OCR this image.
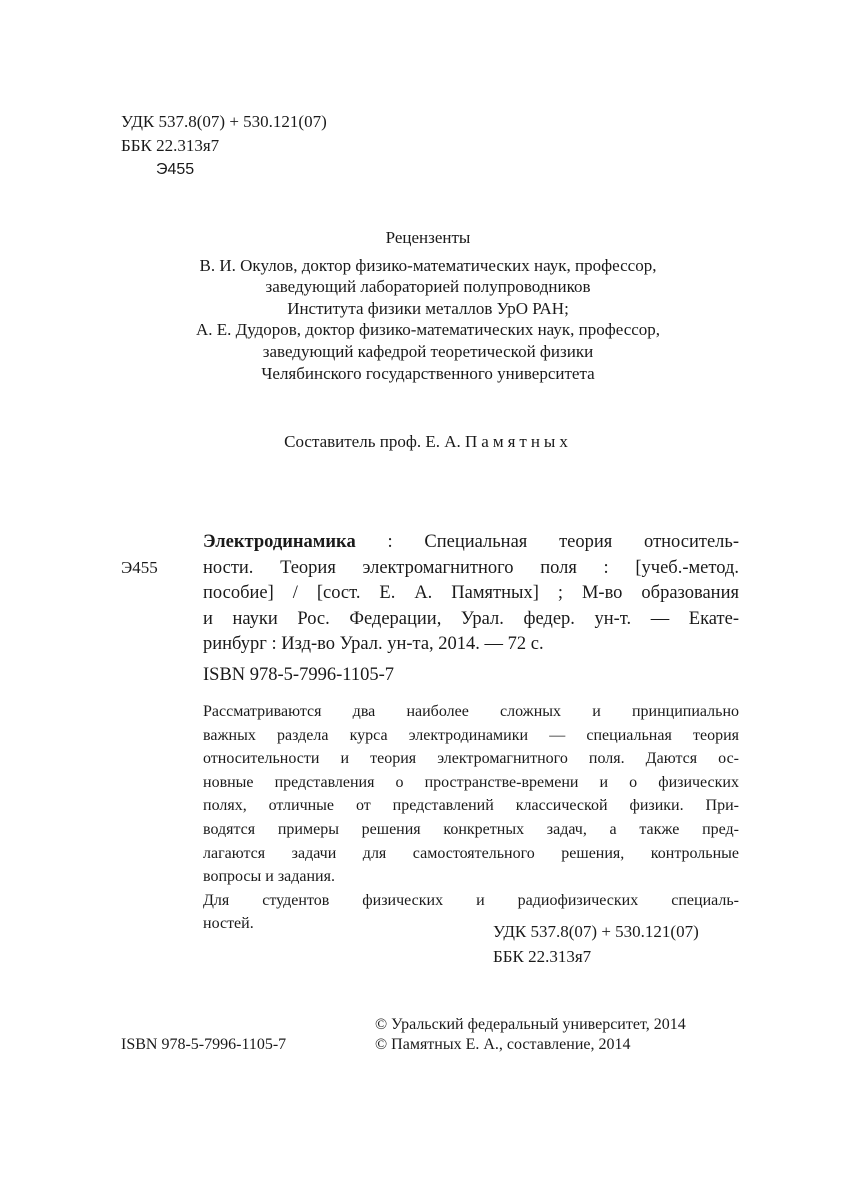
УДК 537.8(07) + 530.121(07)
ББК 22.313я7
Э455
Рецензенты
В. И. Окулов, доктор физико-математических наук, профессор,
заведующий лабораторией полупроводников
Института физики металлов УрО РАН;
А. Е. Дудоров, доктор физико-математических наук, профессор,
заведующий кафедрой теоретической физики
Челябинского государственного университета
Составитель проф. Е. А. Памятных
Э455
Электродинамика : Специальная теория относитель-
ности. Теория электромагнитного поля : [учеб.-метод.
пособие] / [сост. Е. А. Памятных] ; М-во образования
и науки Рос. Федерации, Урал. федер. ун-т. — Екате-
ринбург : Изд-во Урал. ун-та, 2014. — 72 с.
ISBN 978-5-7996-1105-7
Рассматриваются два наиболее сложных и принципиально
важных раздела курса электродинамики — специальная теория
относительности и теория электромагнитного поля. Даются ос-
новные представления о пространстве-времени и о физических
полях, отличные от представлений классической физики. При-
водятся примеры решения конкретных задач, а также пред-
лагаются задачи для самостоятельного решения, контрольные
вопросы и задания.
Для студентов физических и радиофизических специаль-
ностей.	УДК 537.8(07) + 530.121(07)
ББК 22.313я7
© Уральский федеральный университет, 2014
© Памятных Е. А., составление, 2014
ISBN 978-5-7996-1105-7
